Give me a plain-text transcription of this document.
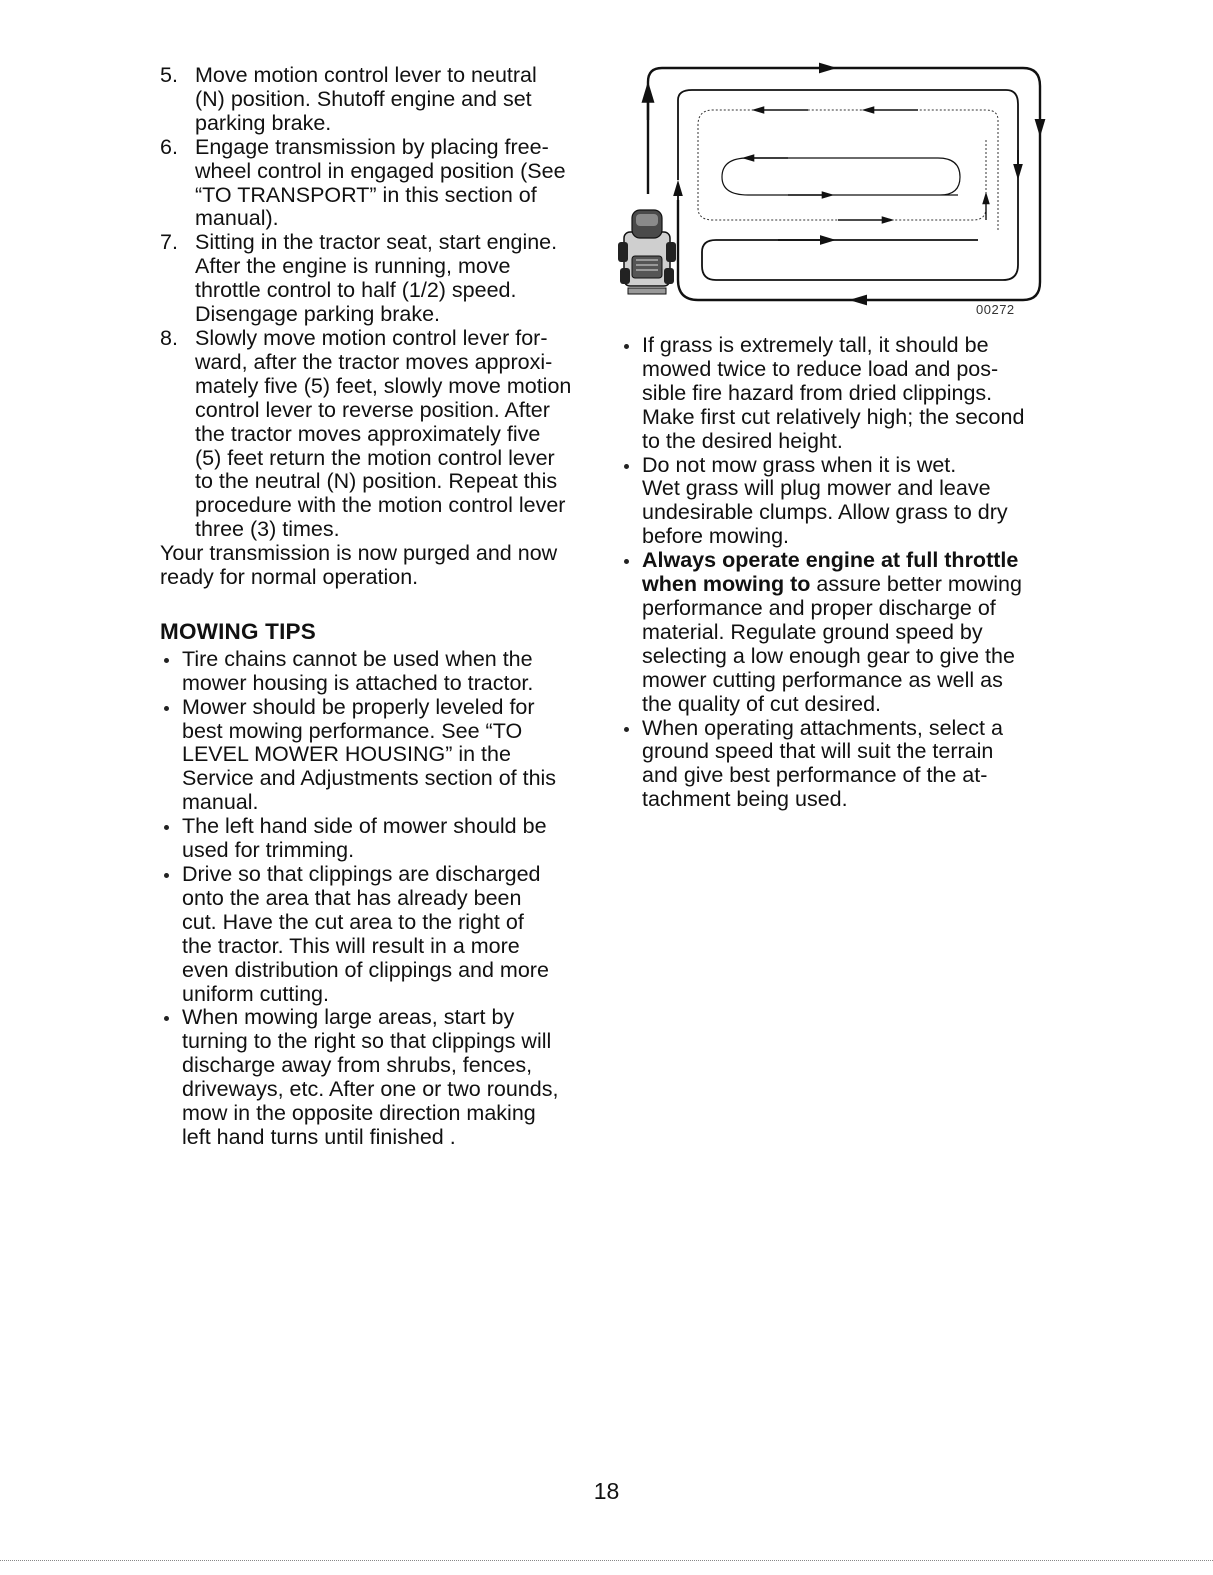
5. Move motion control lever to neutral
(N) position. Shutoff engine and set
parking brake.
6. Engage transmission by placing free-
wheel control in engaged position (See
“TO TRANSPORT” in this section of
manual).
7. Sitting in the tractor seat, start engine.
After the engine is running, move
throttle control to half (1/2) speed.
Disengage parking brake.
8. Slowly move motion control lever for-
ward, after the tractor moves approxi-
mately five (5) feet, slowly move motion
control lever to reverse position. After
the tractor moves approximately five
(5) feet return the motion control lever
to the neutral (N) position. Repeat this
procedure with the motion control lever
three (3) times.

Your transmission is now purged and now
ready for normal operation.

MOWING TIPS
Tire chains cannot be used when the
mower housing is attached to tractor.
Mower should be properly leveled for
best mowing performance. See “TO
LEVEL MOWER HOUSING” in the
Service and Adjustments section of this
manual.
The left hand side of mower should be
used for trimming.
Drive so that clippings are discharged
onto the area that has already been
cut. Have the cut area to the right of
the tractor. This will result in a more
even distribution of clippings and more
uniform cutting.
When mowing large areas, start by
turning to the right so that clippings will
discharge away from shrubs, fences,
driveways, etc. After one or two rounds,
mow in the opposite direction making
left hand turns until finished .
00272
If grass is extremely tall, it should be
mowed twice to reduce load and pos-
sible fire hazard from dried clippings.
Make first cut relatively high; the second
to the desired height.
Do not mow grass when it is wet.
Wet grass will plug mower and leave
undesirable clumps. Allow grass to dry
before mowing.
Always operate engine at full throttle
when mowing to assure better mowing
performance and proper discharge of
material. Regulate ground speed by
selecting a low enough gear to give the
mower cutting performance as well as
the quality of cut desired.
When operating attachments, select a
ground speed that will suit the terrain
and give best performance of the at-
tachment being used.
18
